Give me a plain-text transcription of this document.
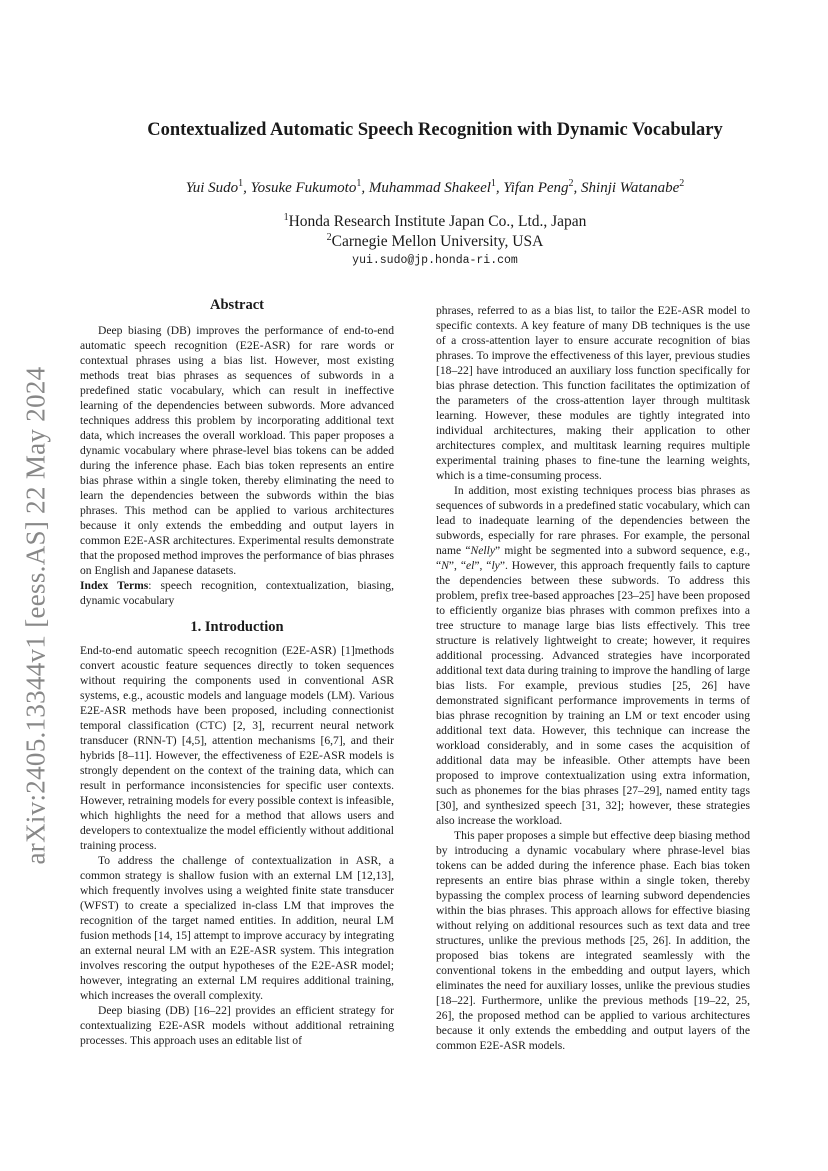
arXiv:2405.13344v1 [eess.AS] 22 May 2024
Contextualized Automatic Speech Recognition with Dynamic Vocabulary
Yui Sudo$^1$, Yosuke Fukumoto$^1$, Muhammad Shakeel$^1$, Yifan Peng$^2$, Shinji Watanabe$^2$
$^1$Honda Research Institute Japan Co., Ltd., Japan
$^2$Carnegie Mellon University, USA
yui.sudo@jp.honda-ri.com
Abstract

Deep biasing (DB) improves the performance of end-to-end automatic speech recognition (E2E-ASR) for rare words or contextual phrases using a bias list. However, most existing methods treat bias phrases as sequences of subwords in a predefined static vocabulary, which can result in ineffective learning of the dependencies between subwords. More advanced techniques address this problem by incorporating additional text data, which increases the overall workload. This paper proposes a dynamic vocabulary where phrase-level bias tokens can be added during the inference phase. Each bias token represents an entire bias phrase within a single token, thereby eliminating the need to learn the dependencies between the subwords within the bias phrases. This method can be applied to various architectures because it only extends the embedding and output layers in common E2E-ASR architectures. Experimental results demonstrate that the proposed method improves the performance of bias phrases on English and Japanese datasets.

Index Terms: speech recognition, contextualization, biasing, dynamic vocabulary

1. Introduction

End-to-end automatic speech recognition (E2E-ASR) [1]methods convert acoustic feature sequences directly to token sequences without requiring the components used in conventional ASR systems, e.g., acoustic models and language models (LM). Various E2E-ASR methods have been proposed, including connectionist temporal classification (CTC) [2, 3], recurrent neural network transducer (RNN-T) [4,5], attention mechanisms [6,7], and their hybrids [8–11]. However, the effectiveness of E2E-ASR models is strongly dependent on the context of the training data, which can result in performance inconsistencies for specific user contexts. However, retraining models for every possible context is infeasible, which highlights the need for a method that allows users and developers to contextualize the model efficiently without additional training process.

To address the challenge of contextualization in ASR, a common strategy is shallow fusion with an external LM [12,13], which frequently involves using a weighted finite state transducer (WFST) to create a specialized in-class LM that improves the recognition of the target named entities. In addition, neural LM fusion methods [14, 15] attempt to improve accuracy by integrating an external neural LM with an E2E-ASR system. This integration involves rescoring the output hypotheses of the E2E-ASR model; however, integrating an external LM requires additional training, which increases the overall complexity.

Deep biasing (DB) [16–22] provides an efficient strategy for contextualizing E2E-ASR models without additional retraining processes. This approach uses an editable list of

phrases, referred to as a bias list, to tailor the E2E-ASR model to specific contexts. A key feature of many DB techniques is the use of a cross-attention layer to ensure accurate recognition of bias phrases. To improve the effectiveness of this layer, previous studies [18–22] have introduced an auxiliary loss function specifically for bias phrase detection. This function facilitates the optimization of the parameters of the cross-attention layer through multitask learning. However, these modules are tightly integrated into individual architectures, making their application to other architectures complex, and multitask learning requires multiple experimental training phases to fine-tune the learning weights, which is a time-consuming process.

In addition, most existing techniques process bias phrases as sequences of subwords in a predefined static vocabulary, which can lead to inadequate learning of the dependencies between the subwords, especially for rare phrases. For example, the personal name “Nelly” might be segmented into a subword sequence, e.g., “N”, “el”, “ly”. However, this approach frequently fails to capture the dependencies between these subwords. To address this problem, prefix tree-based approaches [23–25] have been proposed to efficiently organize bias phrases with common prefixes into a tree structure to manage large bias lists effectively. This tree structure is relatively lightweight to create; however, it requires additional processing. Advanced strategies have incorporated additional text data during training to improve the handling of large bias lists. For example, previous studies [25, 26] have demonstrated significant performance improvements in terms of bias phrase recognition by training an LM or text encoder using additional text data. However, this technique can increase the workload considerably, and in some cases the acquisition of additional data may be infeasible. Other attempts have been proposed to improve contextualization using extra information, such as phonemes for the bias phrases [27–29], named entity tags [30], and synthesized speech [31, 32]; however, these strategies also increase the workload.

This paper proposes a simple but effective deep biasing method by introducing a dynamic vocabulary where phrase-level bias tokens can be added during the inference phase. Each bias token represents an entire bias phrase within a single token, thereby bypassing the complex process of learning subword dependencies within the bias phrases. This approach allows for effective biasing without relying on additional resources such as text data and tree structures, unlike the previous methods [25, 26]. In addition, the proposed bias tokens are integrated seamlessly with the conventional tokens in the embedding and output layers, which eliminates the need for auxiliary losses, unlike the previous studies [18–22]. Furthermore, unlike the previous methods [19–22, 25, 26], the proposed method can be applied to various architectures because it only extends the embedding and output layers of the common E2E-ASR models.
